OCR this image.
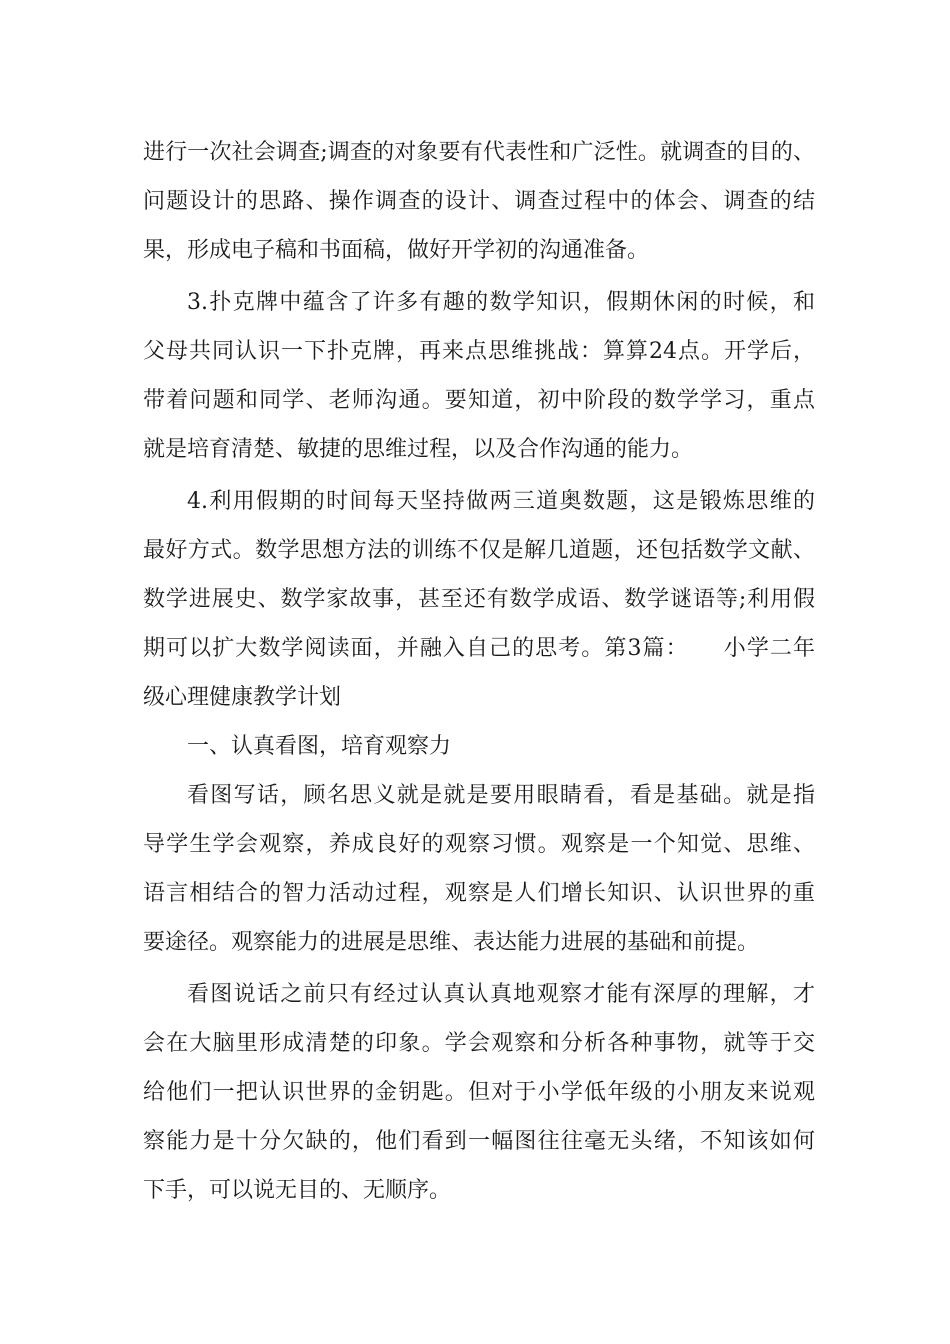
进行一次社会调查;调查的对象要有代表性和广泛性。就调查的目的、
问题设计的思路、操作调查的设计、调查过程中的体会、调查的结
果，形成电子稿和书面稿，做好开学初的沟通准备。
3.扑克牌中蕴含了许多有趣的数学知识，假期休闲的时候，和
父母共同认识一下扑克牌，再来点思维挑战：算算24点。开学后，
带着问题和同学、老师沟通。要知道，初中阶段的数学学习，重点
就是培育清楚、敏捷的思维过程，以及合作沟通的能力。
4.利用假期的时间每天坚持做两三道奥数题，这是锻炼思维的
最好方式。数学思想方法的训练不仅是解几道题，还包括数学文献、
数学进展史、数学家故事，甚至还有数学成语、数学谜语等;利用假
期可以扩大数学阅读面，并融入自己的思考。第3篇：　　小学二年
级心理健康教学计划
一、认真看图，培育观察力
看图写话，顾名思义就是就是要用眼睛看，看是基础。就是指
导学生学会观察，养成良好的观察习惯。观察是一个知觉、思维、
语言相结合的智力活动过程，观察是人们增长知识、认识世界的重
要途径。观察能力的进展是思维、表达能力进展的基础和前提。
看图说话之前只有经过认真认真地观察才能有深厚的理解，才
会在大脑里形成清楚的印象。学会观察和分析各种事物，就等于交
给他们一把认识世界的金钥匙。但对于小学低年级的小朋友来说观
察能力是十分欠缺的，他们看到一幅图往往毫无头绪，不知该如何
下手，可以说无目的、无顺序。
